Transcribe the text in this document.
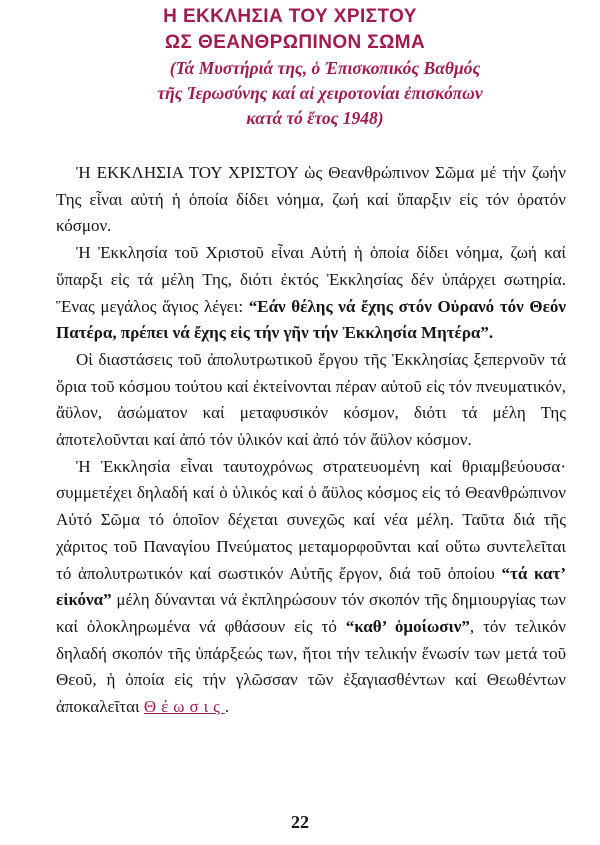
Η ΕΚΚΛΗΣΙΑ ΤΟΥ ΧΡΙΣΤΟΥ
ΩΣ ΘΕΑΝΘΡΩΠΙΝΟΝ ΣΩΜΑ
(Τά Μυστήριά της, ὁ Ἐπισκοπικός Βαθμός
τῆς Ἱερωσύνης καί αἱ χειροτονίαι ἐπισκόπων
κατά τό ἔτος 1948)

Ἡ ΕΚΚΛΗΣΙΑ ΤΟΥ ΧΡΙΣΤΟΥ ὡς Θεανθρώπινον Σῶμα μέ τήν ζωήν Της εἶναι αὐτή ἡ ὁποία δίδει νόημα, ζωή καί ὕπαρξιν εἰς τόν ὁρατόν κόσμον.

Ἡ Ἐκκλησία τοῦ Χριστοῦ εἶναι Αὐτή ἡ ὁποία δίδει νόημα, ζωή καί ὕπαρξι εἰς τά μέλη Της, διότι ἐκτός Ἐκκλησίας δέν ὑπάρχει σωτηρία. Ἕνας μεγάλος ἅγιος λέγει: “Εάν θέλης νά ἔχης στόν Οὐρανό τόν Θεόν Πατέρα, πρέπει νά ἔχης εἰς τήν γῆν τήν Ἐκκλησία Μητέρα”.

Οἱ διαστάσεις τοῦ ἀπολυτρωτικοῦ ἔργου τῆς Ἐκκλησίας ξεπερνοῦν τά ὅρια τοῦ κόσμου τούτου καί ἐκτείνονται πέραν αὐτοῦ εἰς τόν πνευματικόν, ἄϋλον, ἀσώματον καί μεταφυσικόν κόσμον, διότι τά μέλη Της ἀποτελοῦνται καί ἀπό τόν ὑλικόν καί ἀπό τόν ἄϋλον κόσμον.

Ἡ Ἐκκλησία εἶναι ταυτοχρόνως στρατευομένη καί θριαμβεύουσα· συμμετέχει δηλαδή καί ὁ ὑλικός καί ὁ ἄϋλος κόσμος εἰς τό Θεανθρώπινον Αὐτό Σῶμα τό ὁποῖον δέχεται συνεχῶς καί νέα μέλη. Ταῦτα διά τῆς χάριτος τοῦ Παναγίου Πνεύματος μεταμορφοῦνται καί οὕτω συντελεῖται τό ἀπολυτρωτικόν καί σωστικόν Αὐτῆς ἔργον, διά τοῦ ὁποίου “τά κατ’ εἰκόνα” μέλη δύνανται νά ἐκπληρώσουν τόν σκοπόν τῆς δημιουργίας των καί ὁλοκληρωμένα νά φθάσουν εἰς τό “καθ’ ὁμοίωσιν”, τόν τελικόν δηλαδή σκοπόν τῆς ὑπάρξεώς των, ἤτοι τήν τελικήν ἕνωσίν των μετά τοῦ Θεοῦ, ἡ ὁποία εἰς τήν γλῶσσαν τῶν ἐξαγιασθέντων καί Θεωθέντων ἀποκαλεῖται Θέωσις.

22
